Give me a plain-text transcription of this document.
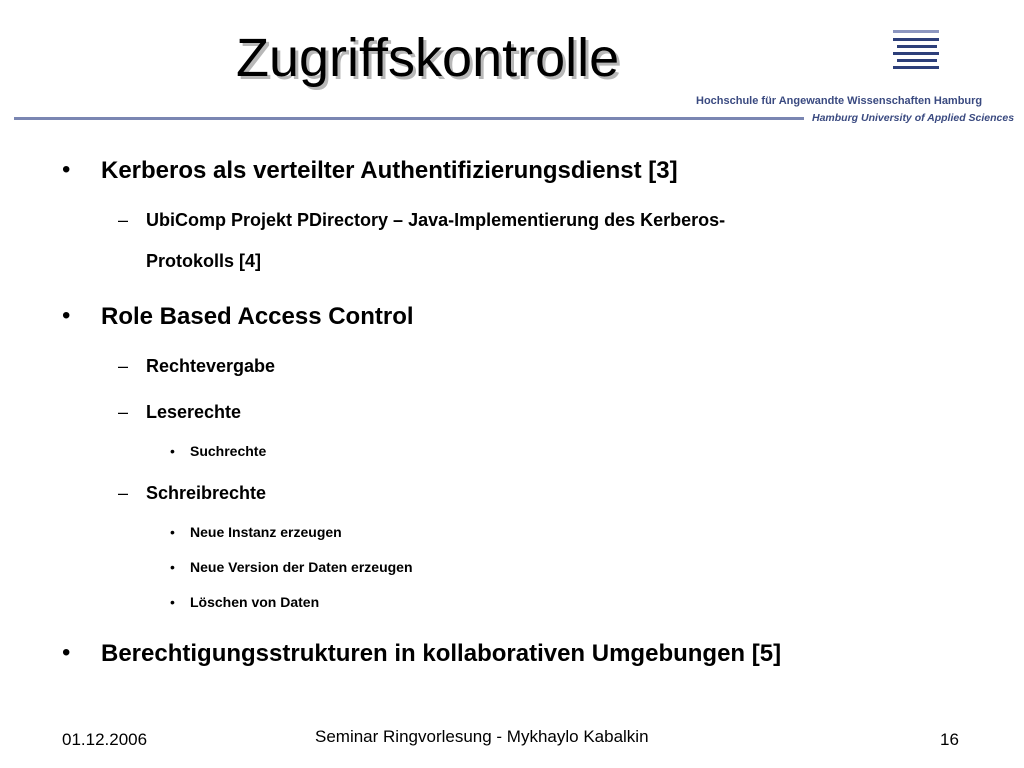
Zugriffskontrolle
Hochschule für Angewandte Wissenschaften Hamburg
Hamburg University of Applied Sciences
• Kerberos als verteilter Authentifizierungsdienst [3]
– UbiComp Projekt PDirectory – Java-Implementierung des Kerberos-
Protokolls [4]
• Role Based Access Control
– Rechtevergabe
– Leserechte
• Suchrechte
– Schreibrechte
• Neue Instanz erzeugen
• Neue Version der Daten erzeugen
• Löschen von Daten
• Berechtigungsstrukturen in kollaborativen Umgebungen [5]
01.12.2006	Seminar Ringvorlesung - Mykhaylo Kabalkin	16
